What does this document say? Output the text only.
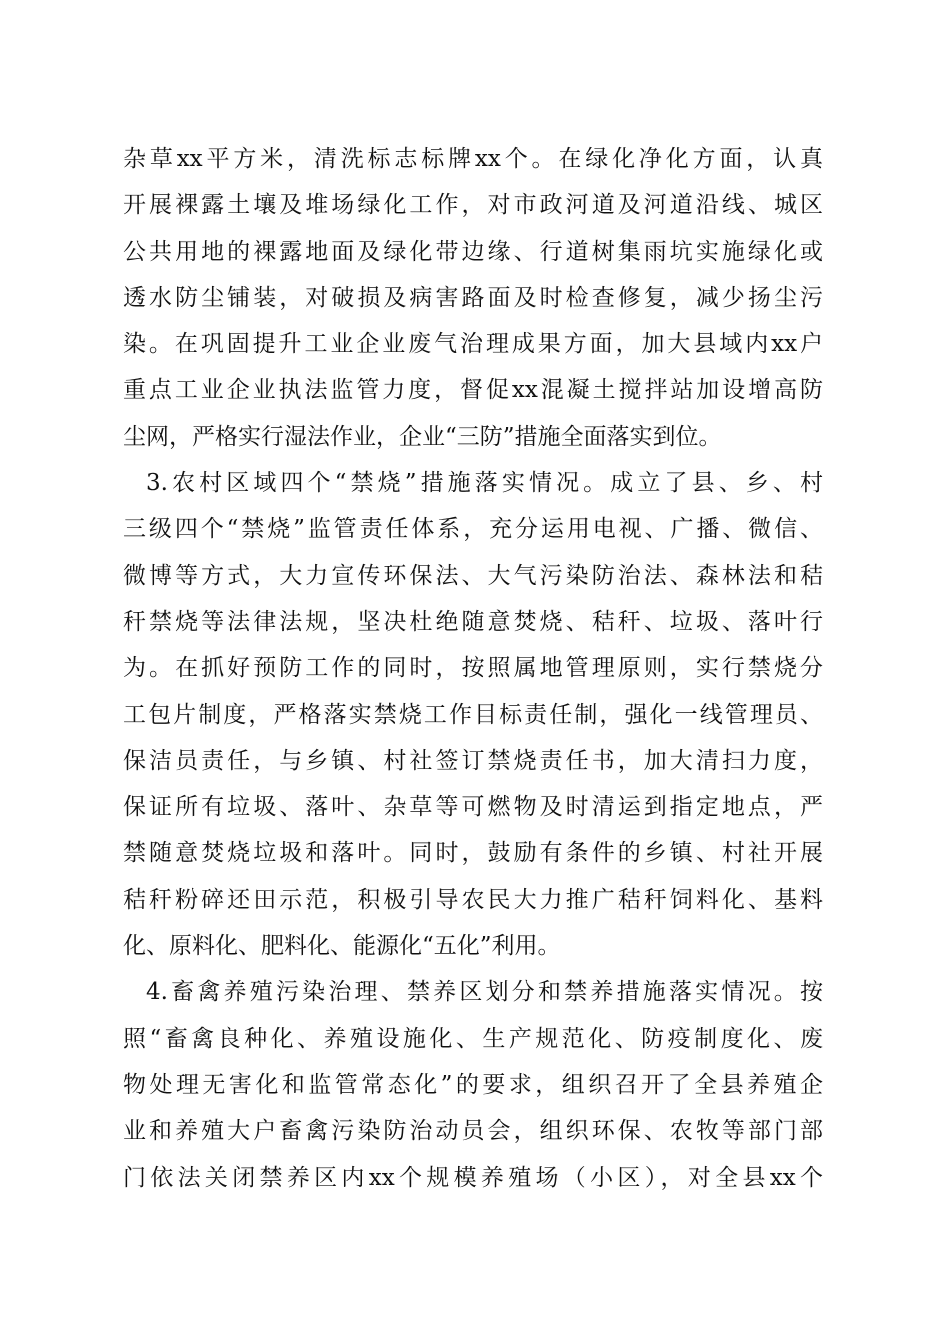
杂草xx平方米，清洗标志标牌xx个。在绿化净化方面，认真
开展裸露土壤及堆场绿化工作，对市政河道及河道沿线、城区
公共用地的裸露地面及绿化带边缘、行道树集雨坑实施绿化或
透水防尘铺装，对破损及病害路面及时检查修复，减少扬尘污
染。在巩固提升工业企业废气治理成果方面，加大县域内xx户
重点工业企业执法监管力度，督促xx混凝土搅拌站加设增高防
尘网，严格实行湿法作业，企业“三防”措施全面落实到位。
3.农村区域四个“禁烧”措施落实情况。成立了县、乡、村
三级四个“禁烧”监管责任体系，充分运用电视、广播、微信、
微博等方式，大力宣传环保法、大气污染防治法、森林法和秸
秆禁烧等法律法规，坚决杜绝随意焚烧、秸秆、垃圾、落叶行
为。在抓好预防工作的同时，按照属地管理原则，实行禁烧分
工包片制度，严格落实禁烧工作目标责任制，强化一线管理员、
保洁员责任，与乡镇、村社签订禁烧责任书，加大清扫力度，
保证所有垃圾、落叶、杂草等可燃物及时清运到指定地点，严
禁随意焚烧垃圾和落叶。同时，鼓励有条件的乡镇、村社开展
秸秆粉碎还田示范，积极引导农民大力推广秸秆饲料化、基料
化、原料化、肥料化、能源化“五化”利用。
4.畜禽养殖污染治理、禁养区划分和禁养措施落实情况。按
照“畜禽良种化、养殖设施化、生产规范化、防疫制度化、废
物处理无害化和监管常态化”的要求，组织召开了全县养殖企
业和养殖大户畜禽污染防治动员会，组织环保、农牧等部门部
门依法关闭禁养区内xx个规模养殖场（小区），对全县xx个
